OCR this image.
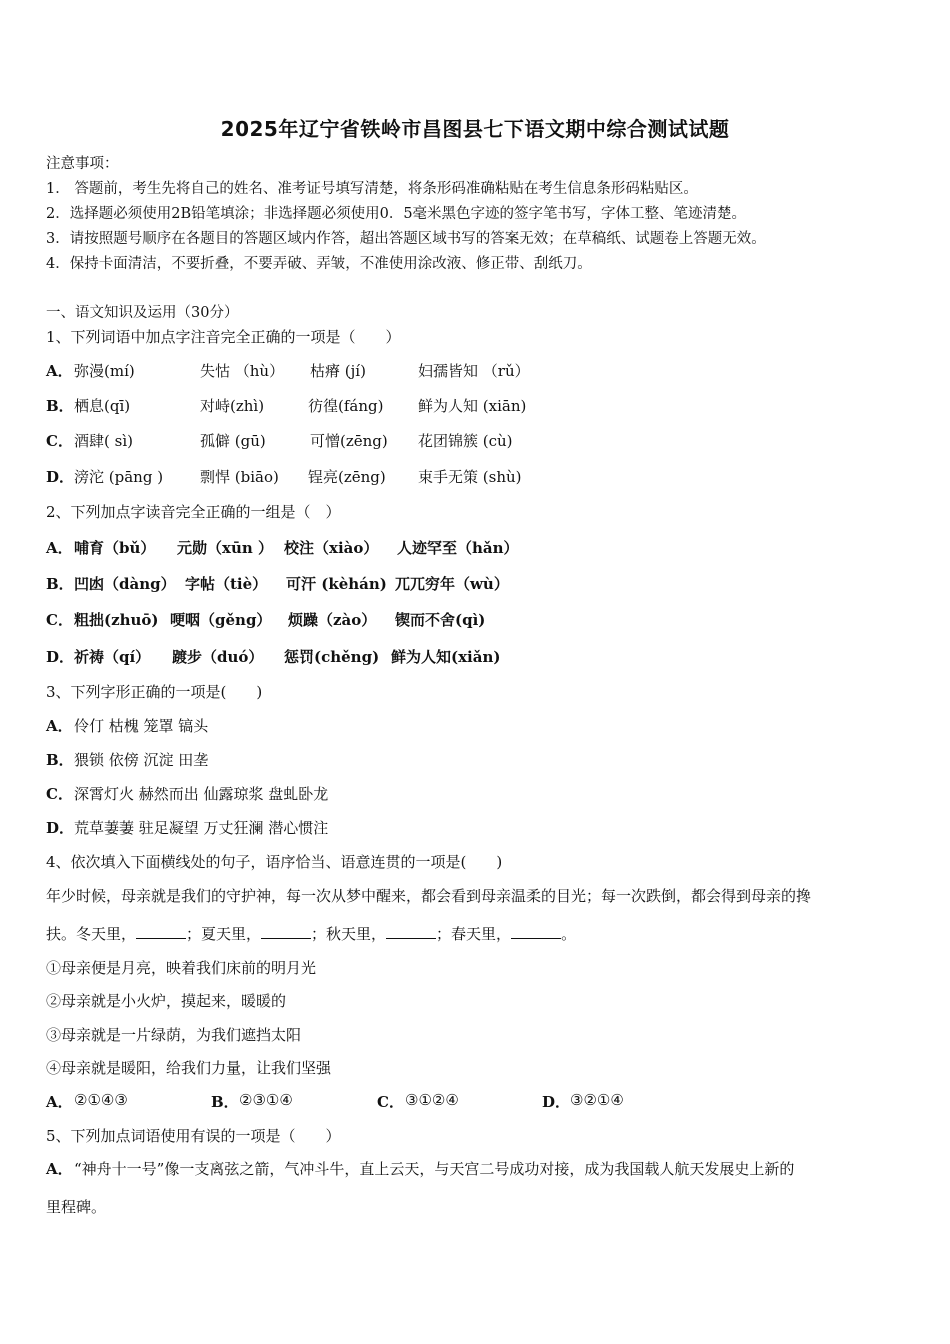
2025年辽宁省铁岭市昌图县七下语文期中综合测试试题
注意事项：
1． 答题前，考生先将自己的姓名、准考证号填写清楚，将条形码准确粘贴在考生信息条形码粘贴区。
2．选择题必须使用2B铅笔填涂；非选择题必须使用0．5毫米黑色字迹的签字笔书写，字体工整、笔迹清楚。
3．请按照题号顺序在各题目的答题区域内作答，超出答题区域书写的答案无效；在草稿纸、试题卷上答题无效。
4．保持卡面清洁，不要折叠，不要弄破、弄皱，不准使用涂改液、修正带、刮纸刀。
一、语文知识及运用（30分）
1、下列词语中加点字注音完全正确的一项是（　　）
A． 弥漫(mí)	失怙 （hù） 枯瘠 (jí)	妇孺皆知 （rǔ）
B． 栖息(qī)	对峙(zhì)	彷徨(fáng) 鲜为人知 (xiān)
C． 酒肆( sì)	孤僻 (gū)	可憎(zēng) 花团锦簇 (cù)
D． 滂沱 (pāng ) 剽悍 (biāo) 锃亮(zēng) 束手无策 (shù)
2、下列加点字读音完全正确的一组是（　）
A． 哺育（bǔ） 元勋（xūn ） 校注（xiào） 人迹罕至（hǎn）
B． 凹凼（dàng） 字帖（tiè） 可汗 (kèhán) 兀兀穷年（wù）
C． 粗拙(zhuō) 哽咽（gěng） 烦躁（zào） 锲而不舍(qì)
D． 祈祷（qí） 踱步（duó） 惩罚(chěng) 鲜为人知(xiǎn)
3、下列字形正确的一项是(　　)
A． 伶仃 枯槐 笼罩 镐头
B． 猥锁 依傍 沉淀 田垄
C． 深霄灯火 赫然而出 仙露琼浆 盘虬卧龙
D． 荒草萋萋 驻足凝望 万丈狂澜 潜心惯注
4、依次填入下面横线处的句子，语序恰当、语意连贯的一项是(　　)
年少时候，母亲就是我们的守护神，每一次从梦中醒来，都会看到母亲温柔的目光；每一次跌倒，都会得到母亲的搀
扶。冬天里，	；夏天里，	；秋天里，	；春天里，	。
①母亲便是月亮，映着我们床前的明月光
②母亲就是小火炉，摸起来，暖暖的
③母亲就是一片绿荫，为我们遮挡太阳
④母亲就是暖阳，给我们力量，让我们坚强
A． ②①④③	B． ②③①④	C． ③①②④	D． ③②①④
5、下列加点词语使用有误的一项是（　　）
A． “神舟十一号”像一支离弦之箭，气冲斗牛，直上云天，与天宫二号成功对接，成为我国载人航天发展史上新的
里程碑。
